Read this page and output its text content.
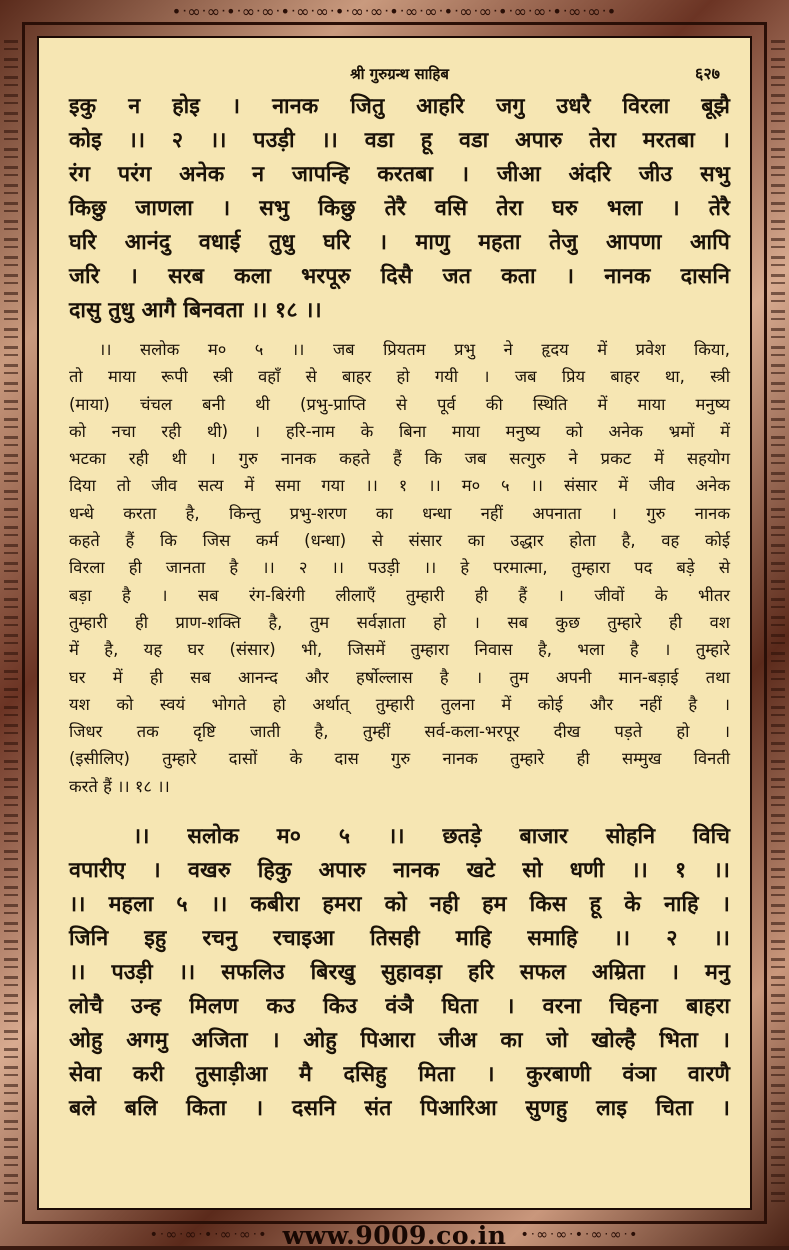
•ᐧ∞ᐧ∞ᐧ•ᐧ∞ᐧ∞ᐧ•ᐧ∞ᐧ∞ᐧ•ᐧ∞ᐧ∞ᐧ•ᐧ∞ᐧ∞ᐧ•ᐧ∞ᐧ∞ᐧ•ᐧ∞ᐧ∞ᐧ•ᐧ∞ᐧ∞ᐧ•
•ᐧ∞ᐧ∞ᐧ•ᐧ∞ᐧ∞ᐧ• www.9009.co.in •ᐧ∞ᐧ∞ᐧ•ᐧ∞ᐧ∞ᐧ•
श्री गुरुग्रन्थ साहिब	६२७
इकु न होइ । नानक जितु आहरि जगु उधरै विरला बूझै
कोइ ।। २ ।। पउड़ी ।। वडा हू वडा अपारु तेरा मरतबा ।
रंग परंग अनेक न जापन्हि करतबा । जीआ अंदरि जीउ सभु
किछु जाणला । सभु किछु तेरै वसि तेरा घरु भला । तेरै
घरि आनंदु वधाई तुधु घरि । माणु महता तेजु आपणा आपि
जरि । सरब कला भरपूरु दिसै जत कता । नानक दासनि
दासु तुधु आगै बिनवता ।। १८ ।।
।। सलोक म० ५ ।। जब प्रियतम प्रभु ने हृदय में प्रवेश किया,
तो माया रूपी स्त्री वहाँ से बाहर हो गयी । जब प्रिय बाहर था, स्त्री
(माया) चंचल बनी थी (प्रभु-प्राप्ति से पूर्व की स्थिति में माया मनुष्य
को नचा रही थी) । हरि-नाम के बिना माया मनुष्य को अनेक भ्रमों में
भटका रही थी । गुरु नानक कहते हैं कि जब सत्गुरु ने प्रकट में सहयोग
दिया तो जीव सत्य में समा गया ।। १ ।। म० ५ ।। संसार में जीव अनेक
धन्धे करता है, किन्तु प्रभु-शरण का धन्धा नहीं अपनाता । गुरु नानक
कहते हैं कि जिस कर्म (धन्धा) से संसार का उद्धार होता है, वह कोई
विरला ही जानता है ।। २ ।। पउड़ी ।। हे परमात्मा, तुम्हारा पद बड़े से
बड़ा है । सब रंग-बिरंगी लीलाएँ तुम्हारी ही हैं । जीवों के भीतर
तुम्हारी ही प्राण-शक्ति है, तुम सर्वज्ञाता हो । सब कुछ तुम्हारे ही वश
में है, यह घर (संसार) भी, जिसमें तुम्हारा निवास है, भला है । तुम्हारे
घर में ही सब आनन्द और हर्षोल्लास है । तुम अपनी मान-बड़ाई तथा
यश को स्वयं भोगते हो अर्थात् तुम्हारी तुलना में कोई और नहीं है ।
जिधर तक दृष्टि जाती है, तुम्हीं सर्व-कला-भरपूर दीख पड़ते हो ।
(इसीलिए) तुम्हारे दासों के दास गुरु नानक तुम्हारे ही सम्मुख विनती
करते हैं ।। १८ ।।
।। सलोक म० ५ ।। छतड़े बाजार सोहनि विचि
वपारीए । वखरु हिकु अपारु नानक खटे सो धणी ।। १ ।।
।। महला ५ ।। कबीरा हमरा को नही हम किस हू के नाहि ।
जिनि इहु रचनु रचाइआ तिसही माहि समाहि ।। २ ।।
।। पउड़ी ।। सफलिउ बिरखु सुहावड़ा हरि सफल अम्रिता । मनु
लोचै उन्ह मिलण कउ किउ वंञै घिता । वरना चिहना बाहरा
ओहु अगमु अजिता । ओहु पिआरा जीअ का जो खोल्है भिता ।
सेवा करी तुसाड़ीआ मै दसिहु मिता । कुरबाणी वंञा वारणै
बले बलि किता । दसनि संत पिआरिआ सुणहु लाइ चिता ।
